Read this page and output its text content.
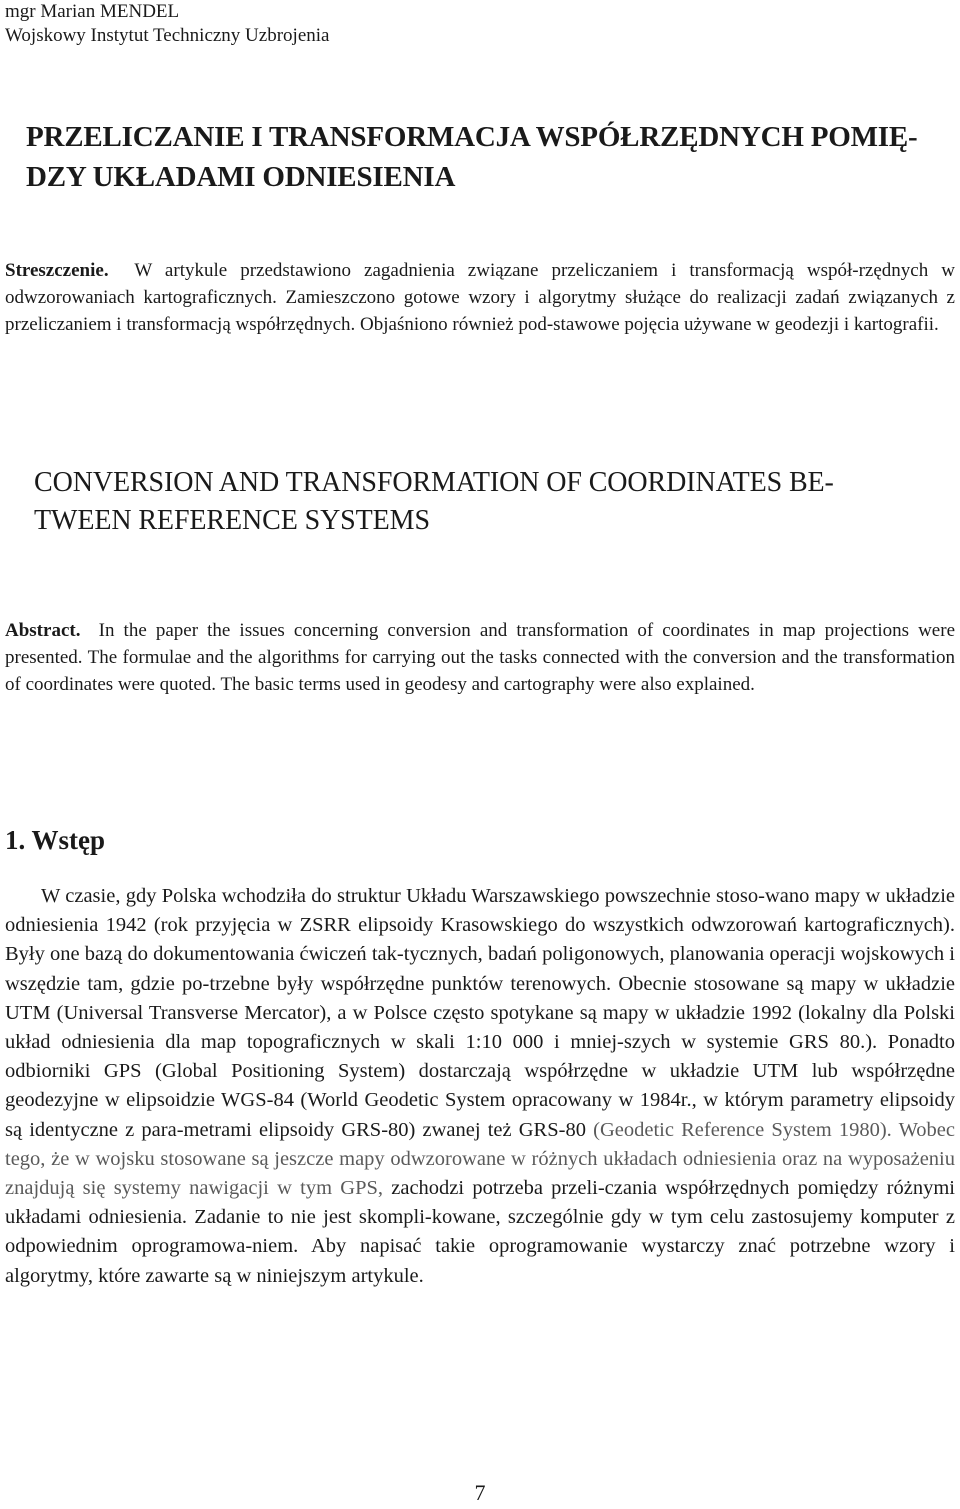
mgr Marian MENDEL
Wojskowy Instytut Techniczny Uzbrojenia
PRZELICZANIE I TRANSFORMACJA WSPÓŁRZĘDNYCH POMIĘ-
DZY UKŁADAMI ODNIESIENIA

Streszczenie. W artykule przedstawiono zagadnienia związane przeliczaniem i transformacją współ-rzędnych w odwzorowaniach kartograficznych. Zamieszczono gotowe wzory i algorytmy służące do realizacji zadań związanych z przeliczaniem i transformacją współrzędnych. Objaśniono również pod-stawowe pojęcia używane w geodezji i kartografii.

CONVERSION AND TRANSFORMATION OF COORDINATES BE-
TWEEN REFERENCE SYSTEMS

Abstract. In the paper the issues concerning conversion and transformation of coordinates in map projections were presented. The formulae and the algorithms for carrying out the tasks connected with the conversion and the transformation of coordinates were quoted. The basic terms used in geodesy and cartography were also explained.

1. Wstęp

W czasie, gdy Polska wchodziła do struktur Układu Warszawskiego powszechnie stoso-wano mapy w układzie odniesienia 1942 (rok przyjęcia w ZSRR elipsoidy Krasowskiego do wszystkich odwzorowań kartograficznych). Były one bazą do dokumentowania ćwiczeń tak-tycznych, badań poligonowych, planowania operacji wojskowych i wszędzie tam, gdzie po-trzebne były współrzędne punktów terenowych. Obecnie stosowane są mapy w układzie UTM (Universal Transverse Mercator), a w Polsce często spotykane są mapy w układzie 1992 (lokalny dla Polski układ odniesienia dla map topograficznych w skali 1:10 000 i mniej-szych w systemie GRS 80.). Ponadto odbiorniki GPS (Global Positioning System) dostarczają współrzędne w układzie UTM lub współrzędne geodezyjne w elipsoidzie WGS-84 (World Geodetic System opracowany w 1984r., w którym parametry elipsoidy są identyczne z para-metrami elipsoidy GRS-80) zwanej też GRS-80 (Geodetic Reference System 1980). Wobec tego, że w wojsku stosowane są jeszcze mapy odwzorowane w różnych układach odniesienia oraz na wyposażeniu znajdują się systemy nawigacji w tym GPS, zachodzi potrzeba przeli-czania współrzędnych pomiędzy różnymi układami odniesienia. Zadanie to nie jest skompli-kowane, szczególnie gdy w tym celu zastosujemy komputer z odpowiednim oprogramowa-niem. Aby napisać takie oprogramowanie wystarczy znać potrzebne wzory i algorytmy, które zawarte są w niniejszym artykule.

7
